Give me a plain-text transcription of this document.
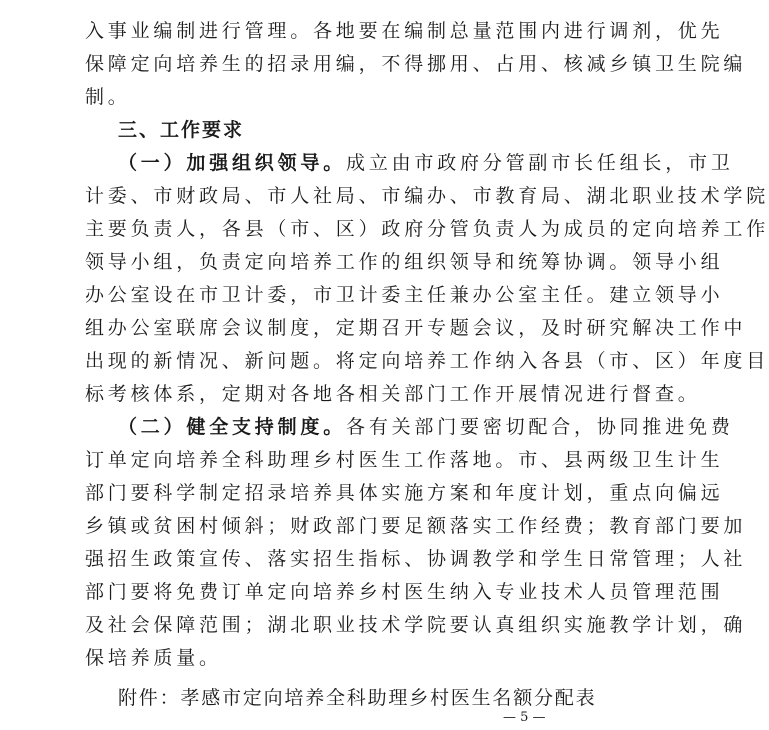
入事业编制进行管理。各地要在编制总量范围内进行调剂，优先
保障定向培养生的招录用编，不得挪用、占用、核减乡镇卫生院编
制。
三、工作要求
（一）加强组织领导。成立由市政府分管副市长任组长，市卫
计委、市财政局、市人社局、市编办、市教育局、湖北职业技术学院
主要负责人，各县（市、区）政府分管负责人为成员的定向培养工作
领导小组，负责定向培养工作的组织领导和统筹协调。领导小组
办公室设在市卫计委，市卫计委主任兼办公室主任。建立领导小
组办公室联席会议制度，定期召开专题会议，及时研究解决工作中
出现的新情况、新问题。将定向培养工作纳入各县（市、区）年度目
标考核体系，定期对各地各相关部门工作开展情况进行督查。
（二）健全支持制度。各有关部门要密切配合，协同推进免费
订单定向培养全科助理乡村医生工作落地。市、县两级卫生计生
部门要科学制定招录培养具体实施方案和年度计划，重点向偏远
乡镇或贫困村倾斜；财政部门要足额落实工作经费；教育部门要加
强招生政策宣传、落实招生指标、协调教学和学生日常管理；人社
部门要将免费订单定向培养乡村医生纳入专业技术人员管理范围
及社会保障范围；湖北职业技术学院要认真组织实施教学计划，确
保培养质量。
附件：孝感市定向培养全科助理乡村医生名额分配表
— 5 —
